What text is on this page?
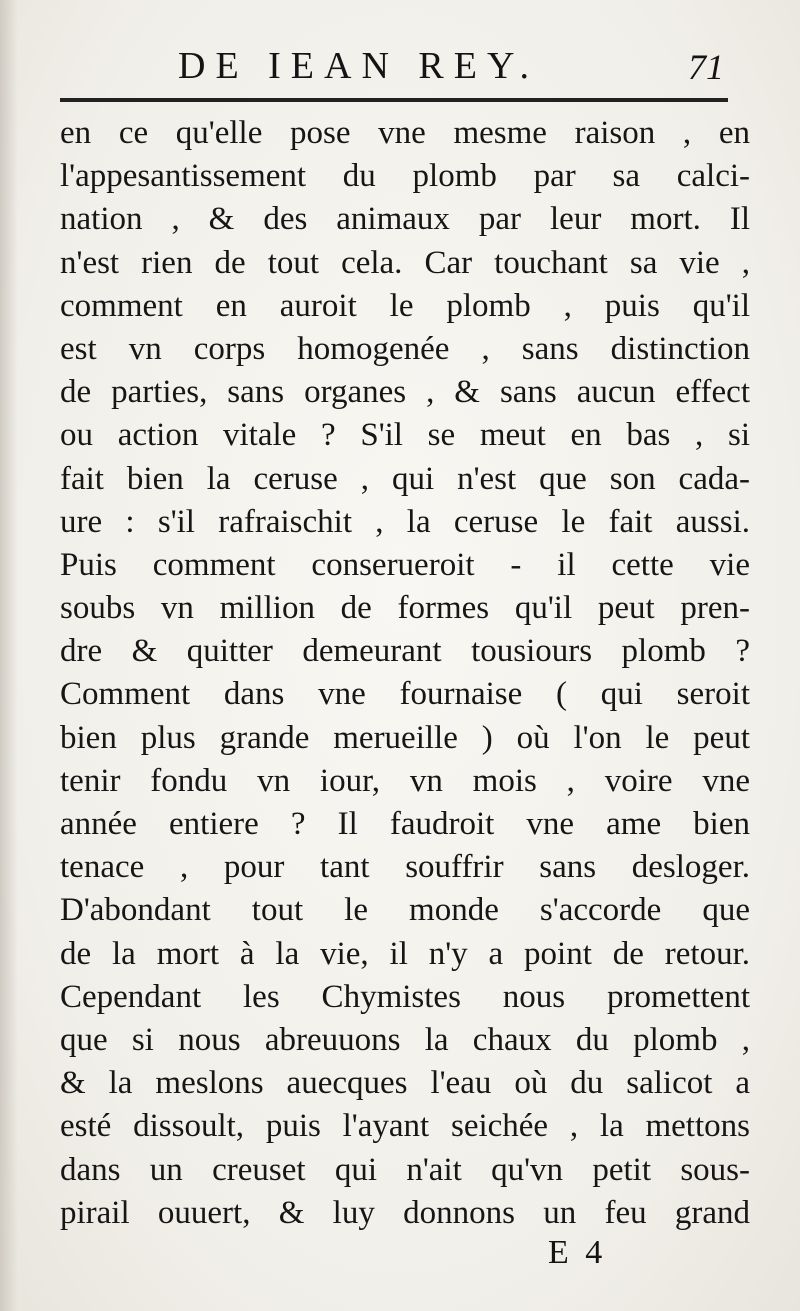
DE IEAN REY.	71
en ce qu'elle pose vne mesme raison , en
l'appesantissement du plomb par sa calci-
nation , & des animaux par leur mort. Il
n'est rien de tout cela. Car touchant sa vie ,
comment en auroit le plomb , puis qu'il
est vn corps homogenée , sans distinction
de parties, sans organes , & sans aucun effect
ou action vitale ? S'il se meut en bas , si
fait bien la ceruse , qui n'est que son cada-
ure : s'il rafraischit , la ceruse le fait aussi.
Puis comment conserueroit - il cette vie
soubs vn million de formes qu'il peut pren-
dre & quitter demeurant tousiours plomb ?
Comment dans vne fournaise ( qui seroit
bien plus grande merueille ) où l'on le peut
tenir fondu vn iour, vn mois , voire vne
année entiere ? Il faudroit vne ame bien
tenace , pour tant souffrir sans desloger.
D'abondant tout le monde s'accorde que
de la mort à la vie, il n'y a point de retour.
Cependant les Chymistes nous promettent
que si nous abreuuons la chaux du plomb ,
& la meslons auecques l'eau où du salicot a
esté dissoult, puis l'ayant seichée , la mettons
dans un creuset qui n'ait qu'vn petit sous-
pirail ouuert, & luy donnons un feu grand
E 4
